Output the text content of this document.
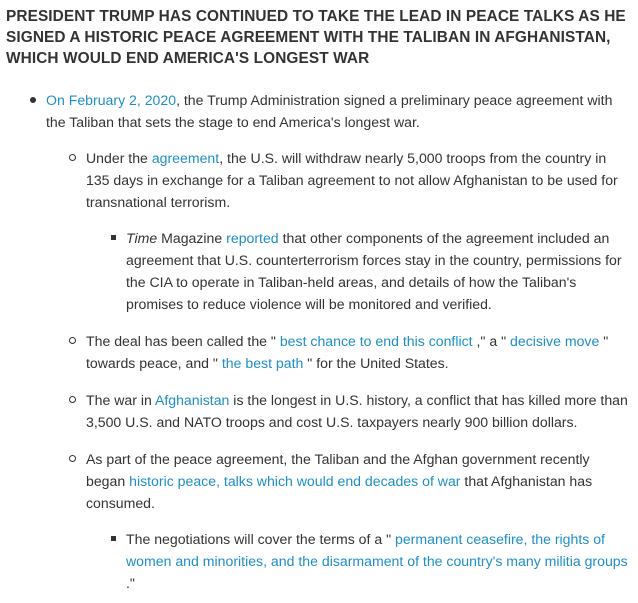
PRESIDENT TRUMP HAS CONTINUED TO TAKE THE LEAD IN PEACE TALKS AS HE SIGNED A HISTORIC PEACE AGREEMENT WITH THE TALIBAN IN AFGHANISTAN, WHICH WOULD END AMERICA'S LONGEST WAR
On February 2, 2020, the Trump Administration signed a preliminary peace agreement with the Taliban that sets the stage to end America's longest war.
Under the agreement, the U.S. will withdraw nearly 5,000 troops from the country in 135 days in exchange for a Taliban agreement to not allow Afghanistan to be used for transnational terrorism.
Time Magazine reported that other components of the agreement included an agreement that U.S. counterterrorism forces stay in the country, permissions for the CIA to operate in Taliban-held areas, and details of how the Taliban's promises to reduce violence will be monitored and verified.
The deal has been called the " best chance to end this conflict ," a " decisive move " towards peace, and " the best path " for the United States.
The war in Afghanistan is the longest in U.S. history, a conflict that has killed more than 3,500 U.S. and NATO troops and cost U.S. taxpayers nearly 900 billion dollars.
As part of the peace agreement, the Taliban and the Afghan government recently began historic peace, talks which would end decades of war that Afghanistan has consumed.
The negotiations will cover the terms of a " permanent ceasefire, the rights of women and minorities, and the disarmament of the country's many militia groups ."
